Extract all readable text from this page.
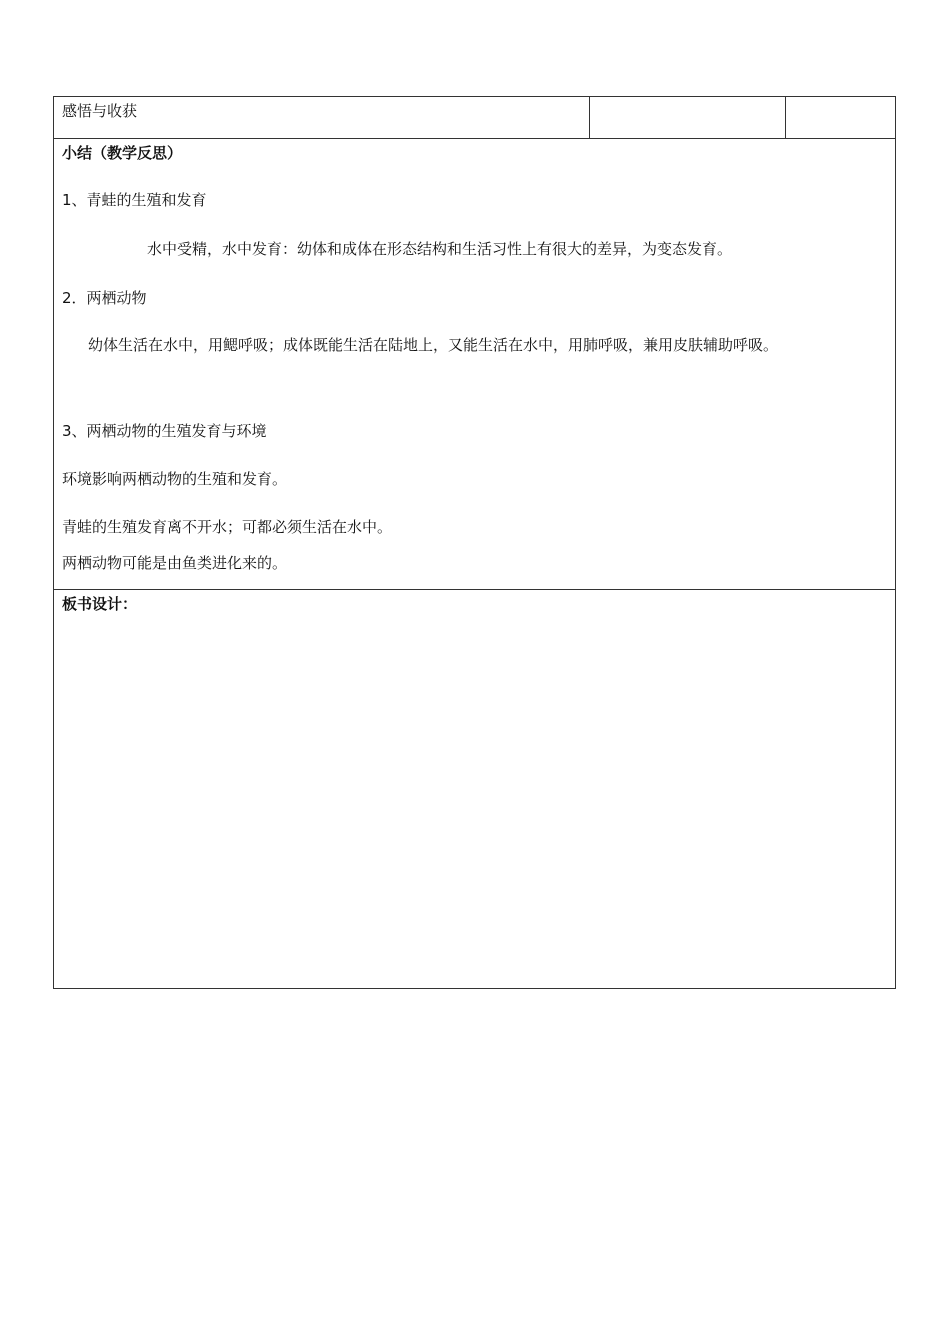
感悟与收获		

小结（教学反思）
1、青蛙的生殖和发育
水中受精，水中发育：幼体和成体在形态结构和生活习性上有很大的差异，为变态发育。
2．两栖动物
幼体生活在水中，用鳃呼吸；成体既能生活在陆地上，又能生活在水中，用肺呼吸，兼用皮肤辅助呼吸。
3、两栖动物的生殖发育与环境
环境影响两栖动物的生殖和发育。
青蛙的生殖发育离不开水；可都必须生活在水中。
两栖动物可能是由鱼类进化来的。

板书设计：
